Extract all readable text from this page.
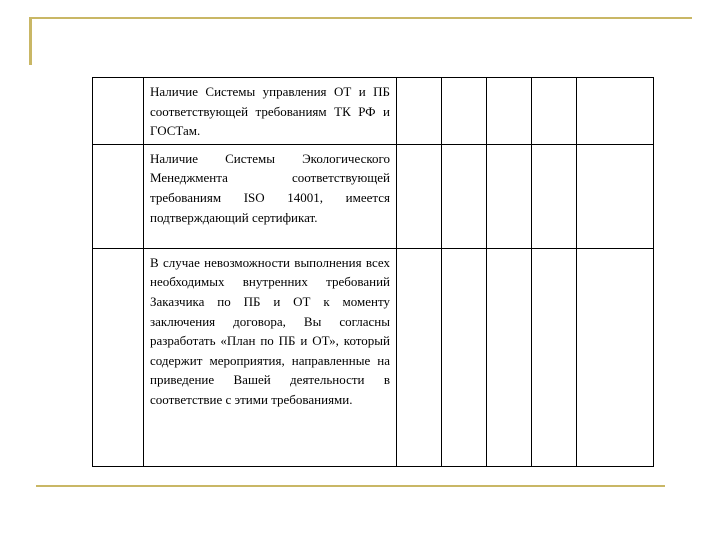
	Наличие Системы управления ОТ и ПБ соответствующей требованиям ТК РФ и ГОСТам.					

	Наличие Системы Экологического Менеджмента соответствующей требованиям ISO 14001, имеется подтверждающий сертификат.					

	В случае невозможности выполнения всех необходимых внутренних требований Заказчика по ПБ и ОТ к моменту заключения договора, Вы согласны разработать «План по ПБ и ОТ», который содержит мероприятия, направленные на приведение Вашей деятельности в соответствие с этими требованиями.					
